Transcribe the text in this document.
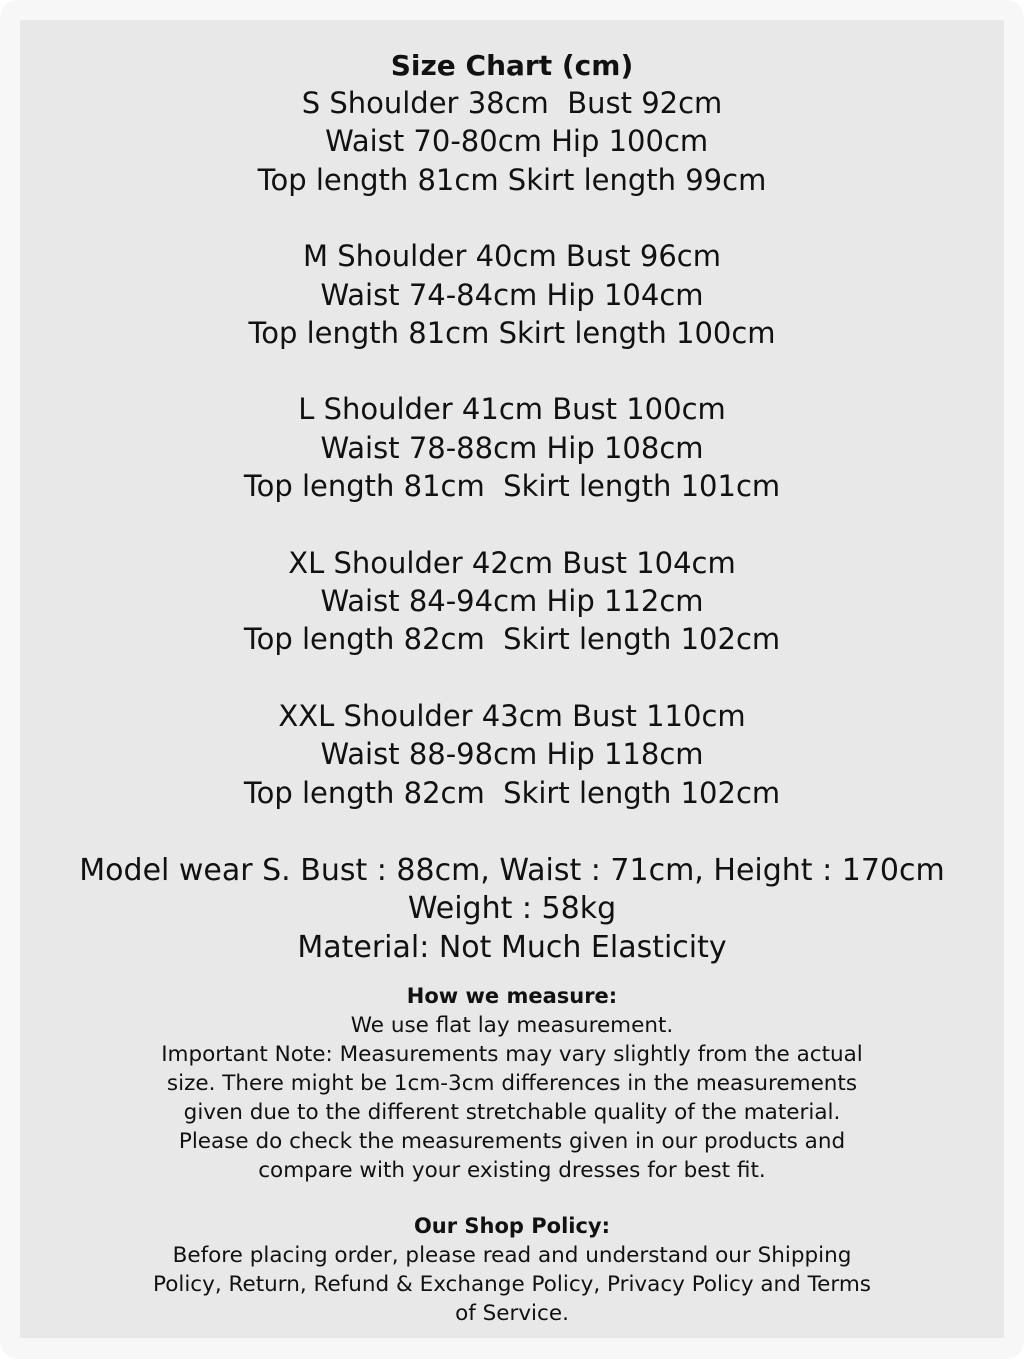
Size Chart (cm)
S Shoulder 38cm  Bust 92cm
Waist 70-80cm Hip 100cm
Top length 81cm Skirt length 99cm
M Shoulder 40cm Bust 96cm
Waist 74-84cm Hip 104cm
Top length 81cm Skirt length 100cm
L Shoulder 41cm Bust 100cm
Waist 78-88cm Hip 108cm
Top length 81cm  Skirt length 101cm
XL Shoulder 42cm Bust 104cm
Waist 84-94cm Hip 112cm
Top length 82cm  Skirt length 102cm
XXL Shoulder 43cm Bust 110cm
Waist 88-98cm Hip 118cm
Top length 82cm  Skirt length 102cm
Model wear S. Bust : 88cm, Waist : 71cm, Height : 170cm
Weight : 58kg
Material: Not Much Elasticity
How we measure:
We use flat lay measurement.
Important Note: Measurements may vary slightly from the actual
size. There might be 1cm-3cm differences in the measurements
given due to the different stretchable quality of the material.
Please do check the measurements given in our products and
compare with your existing dresses for best fit.
Our Shop Policy:
Before placing order, please read and understand our Shipping
Policy, Return, Refund & Exchange Policy, Privacy Policy and Terms
of Service.
